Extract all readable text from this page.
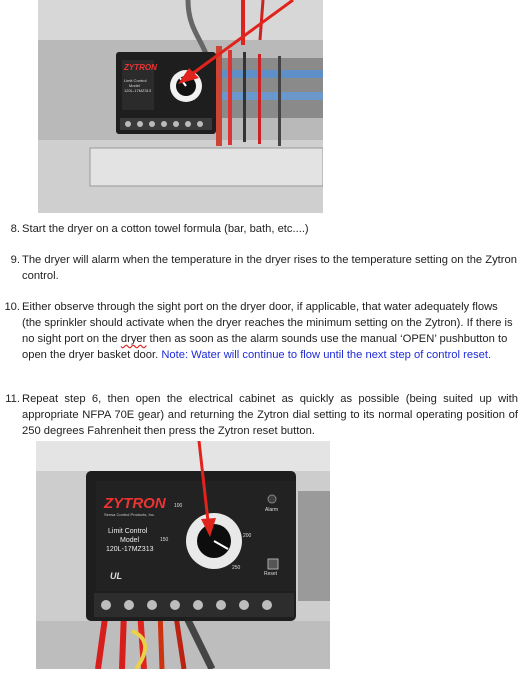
ZYTRON
Limit Control
Model
120L-17MZ313
8. Start the dryer on a cotton towel formula (bar, bath, etc....)
9. The dryer will alarm when the temperature in the dryer rises to the temperature setting on the Zytron control.
10. Either observe through the sight port on the dryer door, if applicable, that water adequately flows (the sprinkler should activate when the dryer reaches the minimum setting on the Zytron). If there is no sight port on the dryer then as soon as the alarm sounds use the manual ‘OPEN’ pushbutton to open the dryer basket door. Note: Water will continue to flow until the next step of control reset.
11. Repeat step 6, then open the electrical cabinet as quickly as possible (being suited up with appropriate NFPA 70E gear) and returning the Zytron dial setting to its normal operating position of 250 degrees Fahrenheit then press the Zytron reset button.
ZYTRON
Sensa Control Products, Inc.
Limit Control
Model
120L-17MZ313
UL
100
150
200
250
Alarm
Reset
